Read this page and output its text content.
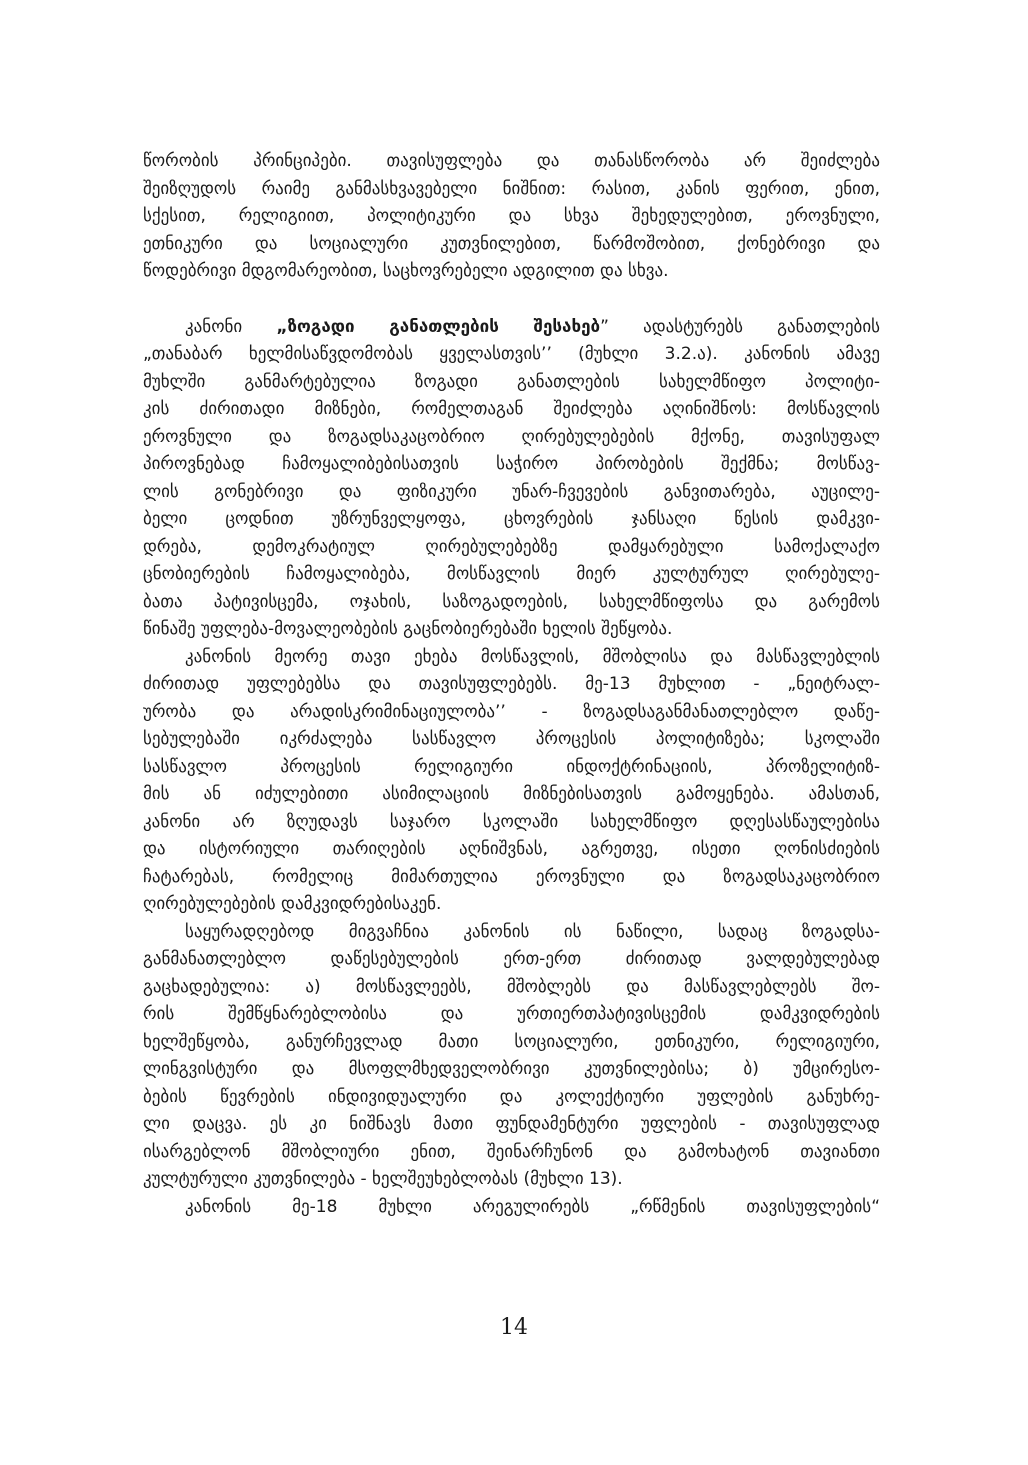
წორობის პრინციპები. თავისუფლება და თანასწორობა არ შეიძლება
შეიზღუდოს რაიმე განმასხვავებელი ნიშნით: რასით, კანის ფერით, ენით,
სქესით, რელიგიით, პოლიტიკური და სხვა შეხედულებით, ეროვნული,
ეთნიკური და სოციალური კუთვნილებით, წარმოშობით, ქონებრივი და
წოდებრივი მდგომარეობით, საცხოვრებელი ადგილით და სხვა.

კანონი „ზოგადი განათლების შესახებ” ადასტურებს განათლების
„თანაბარ ხელმისაწვდომობას ყველასთვის’’ (მუხლი 3.2.ა). კანონის ამავე
მუხლში განმარტებულია ზოგადი განათლების სახელმწიფო პოლიტი-
კის ძირითადი მიზნები, რომელთაგან შეიძლება აღინიშნოს: მოსწავლის
ეროვნული და ზოგადსაკაცობრიო ღირებულებების მქონე, თავისუფალ
პიროვნებად ჩამოყალიბებისათვის საჭირო პირობების შექმნა; მოსწავ-
ლის გონებრივი და ფიზიკური უნარ-ჩვევების განვითარება, აუცილე-
ბელი ცოდნით უზრუნველყოფა, ცხოვრების ჯანსაღი წესის დამკვი-
დრება, დემოკრატიულ ღირებულებებზე დამყარებული სამოქალაქო
ცნობიერების ჩამოყალიბება, მოსწავლის მიერ კულტურულ ღირებულე-
ბათა პატივისცემა, ოჯახის, საზოგადოების, სახელმწიფოსა და გარემოს
წინაშე უფლება-მოვალეობების გაცნობიერებაში ხელის შეწყობა.

კანონის მეორე თავი ეხება მოსწავლის, მშობლისა და მასწავლებლის
ძირითად უფლებებსა და თავისუფლებებს. მე-13 მუხლით - „ნეიტრალ-
ურობა და არადისკრიმინაციულობა’’ - ზოგადსაგანმანათლებლო დაწე-
სებულებაში იკრძალება სასწავლო პროცესის პოლიტიზება; სკოლაში
სასწავლო პროცესის რელიგიური ინდოქტრინაციის, პროზელიტიზ-
მის ან იძულებითი ასიმილაციის მიზნებისათვის გამოყენება. ამასთან,
კანონი არ ზღუდავს საჯარო სკოლაში სახელმწიფო დღესასწაულებისა
და ისტორიული თარიღების აღნიშვნას, აგრეთვე, ისეთი ღონისძიების
ჩატარებას, რომელიც მიმართულია ეროვნული და ზოგადსაკაცობრიო
ღირებულებების დამკვიდრებისაკენ.

საყურადღებოდ მიგვაჩნია კანონის ის ნაწილი, სადაც ზოგადსა-
განმანათლებლო დაწესებულების ერთ-ერთ ძირითად ვალდებულებად
გაცხადებულია: ა) მოსწავლეებს, მშობლებს და მასწავლებლებს შო-
რის შემწყნარებლობისა და ურთიერთპატივისცემის დამკვიდრების
ხელშეწყობა, განურჩევლად მათი სოციალური, ეთნიკური, რელიგიური,
ლინგვისტური და მსოფლმხედველობრივი კუთვნილებისა; ბ) უმცირესო-
ბების წევრების ინდივიდუალური და კოლექტიური უფლების განუხრე-
ლი დაცვა. ეს კი ნიშნავს მათი ფუნდამენტური უფლების - თავისუფლად
ისარგებლონ მშობლიური ენით, შეინარჩუნონ და გამოხატონ თავიანთი
კულტურული კუთვნილება - ხელშეუხებლობას (მუხლი 13).

კანონის მე-18 მუხლი არეგულირებს „რწმენის თავისუფლების“

14
